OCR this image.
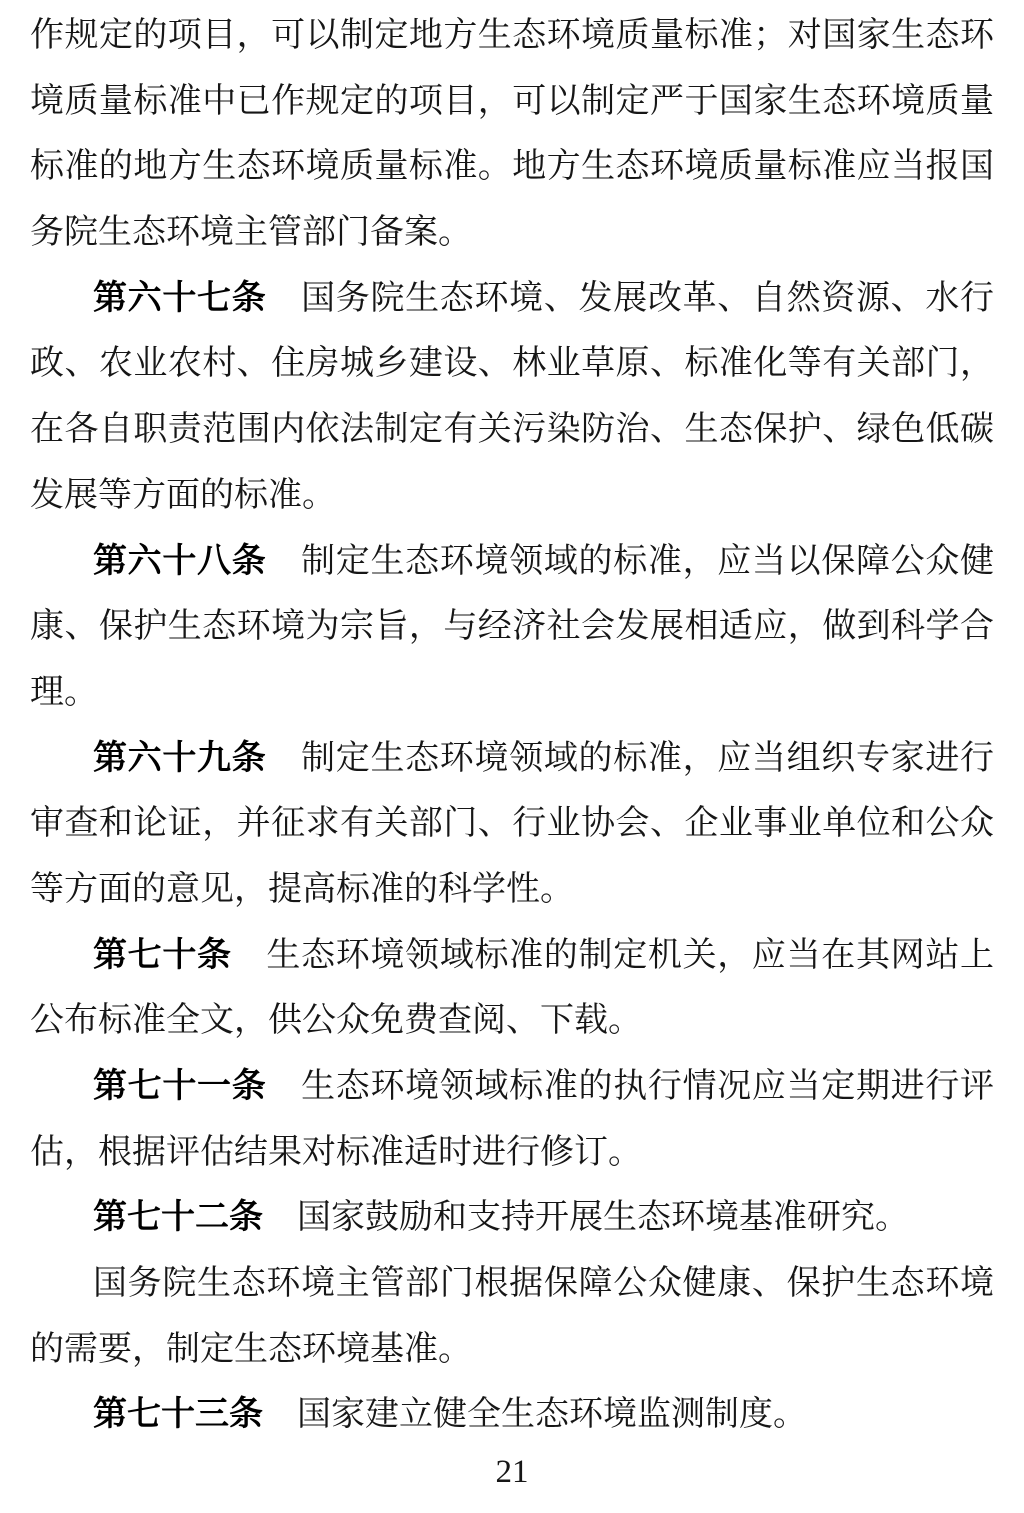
作规定的项目，可以制定地方生态环境质量标准；对国家生态环
境质量标准中已作规定的项目，可以制定严于国家生态环境质量
标准的地方生态环境质量标准。地方生态环境质量标准应当报国
务院生态环境主管部门备案。
第六十七条　国务院生态环境、发展改革、自然资源、水行
政、农业农村、住房城乡建设、林业草原、标准化等有关部门，
在各自职责范围内依法制定有关污染防治、生态保护、绿色低碳
发展等方面的标准。
第六十八条　制定生态环境领域的标准，应当以保障公众健
康、保护生态环境为宗旨，与经济社会发展相适应，做到科学合
理。
第六十九条　制定生态环境领域的标准，应当组织专家进行
审查和论证，并征求有关部门、行业协会、企业事业单位和公众
等方面的意见，提高标准的科学性。
第七十条　生态环境领域标准的制定机关，应当在其网站上
公布标准全文，供公众免费查阅、下载。
第七十一条　生态环境领域标准的执行情况应当定期进行评
估，根据评估结果对标准适时进行修订。
第七十二条　国家鼓励和支持开展生态环境基准研究。
国务院生态环境主管部门根据保障公众健康、保护生态环境
的需要，制定生态环境基准。
第七十三条　国家建立健全生态环境监测制度。
21
